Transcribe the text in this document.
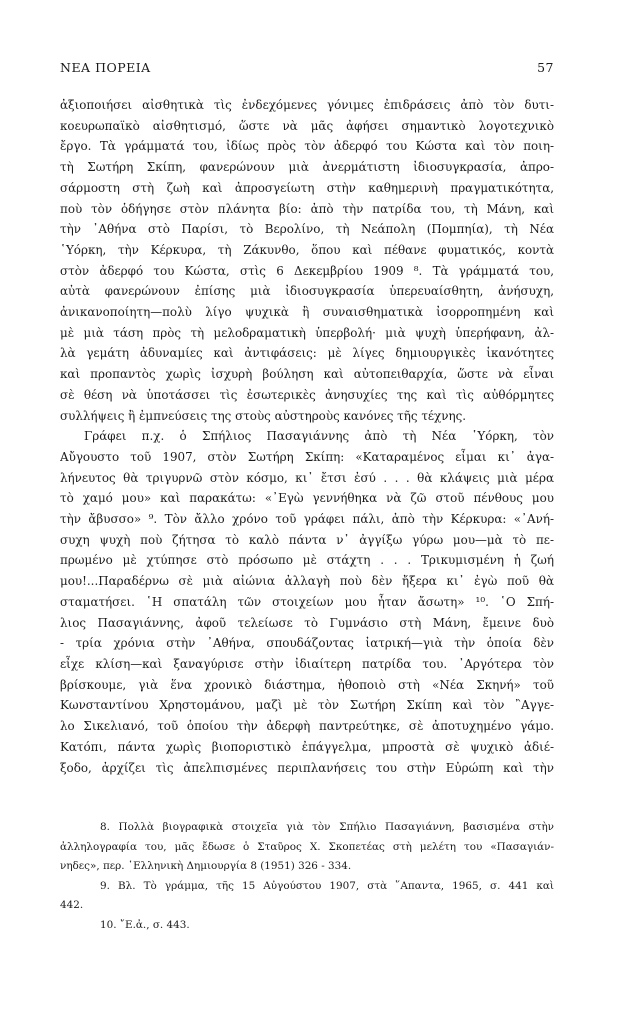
ΝΕΑ ΠΟΡΕΙΑ	57
ἀξιοποιήσει αἰσθητικὰ τὶς ἐνδεχόμενες γόνιμες ἐπιδράσεις ἀπὸ τὸν δυτι-
κοευρωπαϊκὸ αἰσθητισμό, ὥστε νὰ μᾶς ἀφήσει σημαντικὸ λογοτεχνικὸ
ἔργο. Τὰ γράμματά του, ἰδίως πρὸς τὸν ἀδερφό του Κώστα καὶ τὸν ποιη-
τὴ Σωτήρη Σκίπη, φανερώνουν μιὰ ἀνερμάτιστη ἰδιοσυγκρασία, ἀπρο-
σάρμοστη στὴ ζωὴ καὶ ἀπροσγείωτη στὴν καθημερινὴ πραγματικότητα,
ποὺ τὸν ὁδήγησε στὸν πλάνητα βίο: ἀπὸ τὴν πατρίδα του, τὴ Μάνη, καὶ
τὴν ᾿Αθήνα στὸ Παρίσι, τὸ Βερολίνο, τὴ Νεάπολη (Πομπηία), τὴ Νέα
῾Υόρκη, τὴν Κέρκυρα, τὴ Ζάκυνθο, ὅπου καὶ πέθανε φυματικός, κοντὰ
στὸν ἀδερφό του Κώστα, στὶς 6 Δεκεμβρίου 1909 ⁸. Τὰ γράμματά του,
αὐτὰ φανερώνουν ἐπίσης μιὰ ἰδιοσυγκρασία ὑπερευαίσθητη, ἀνήσυχη,
ἀνικανοποίητη—πολὺ λίγο ψυχικὰ ἢ συναισθηματικὰ ἰσορροπημένη καὶ
μὲ μιὰ τάση πρὸς τὴ μελοδραματικὴ ὑπερβολή· μιὰ ψυχὴ ὑπερήφανη, ἀλ-
λὰ γεμάτη ἀδυναμίες καὶ ἀντιφάσεις: μὲ λίγες δημιουργικὲς ἱκανότητες
καὶ προπαντὸς χωρὶς ἰσχυρὴ βούληση καὶ αὐτοπειθαρχία, ὥστε νὰ εἶναι
σὲ θέση νὰ ὑποτάσσει τὶς ἐσωτερικὲς ἀνησυχίες της καὶ τὶς αὐθόρμητες
συλλήψεις ἢ ἐμπνεύσεις της στοὺς αὐστηροὺς κανόνες τῆς τέχνης.
Γράφει π.χ. ὁ Σπήλιος Πασαγιάννης ἀπὸ τὴ Νέα ῾Υόρκη, τὸν
Αὔγουστο τοῦ 1907, στὸν Σωτήρη Σκίπη: «Καταραμένος εἶμαι κι᾿ ἀγα-
λήνευτος θὰ τριγυρνῶ στὸν κόσμο, κι᾿ ἔτσι ἐσύ . . . θὰ κλάψεις μιὰ μέρα
τὸ χαμό μου» καὶ παρακάτω: «᾿Εγὼ γεννήθηκα νὰ ζῶ στοῦ πένθους μου
τὴν ἄβυσσο» ⁹. Τὸν ἄλλο χρόνο τοῦ γράφει πάλι, ἀπὸ τὴν Κέρκυρα: «᾿Ανή-
συχη ψυχὴ ποὺ ζήτησα τὸ καλὸ πάντα ν᾿ ἀγγίξω γύρω μου—μὰ τὸ πε-
πρωμένο μὲ χτύπησε στὸ πρόσωπο μὲ στάχτη . . . Τρικυμισμένη ἡ ζωή
μου!...Παραδέρνω σὲ μιὰ αἰώνια ἀλλαγὴ ποὺ δὲν ἤξερα κι᾿ ἐγὼ ποῦ θὰ
σταματήσει. ῾Η σπατάλη τῶν στοιχείων μου ἦταν ἄσωτη» ¹⁰. ῾Ο Σπή-
λιος Πασαγιάννης, ἀφοῦ τελείωσε τὸ Γυμνάσιο στὴ Μάνη, ἔμεινε δυὸ
- τρία χρόνια στὴν ᾿Αθήνα, σπουδάζοντας ἰατρική—γιὰ τὴν ὁποία δὲν
εἶχε κλίση—καὶ ξαναγύρισε στὴν ἰδιαίτερη πατρίδα του. ᾿Αργότερα τὸν
βρίσκουμε, γιὰ ἕνα χρονικὸ διάστημα, ἠθοποιὸ στὴ «Νέα Σκηνή» τοῦ
Κωνσταντίνου Χρηστομάνου, μαζὶ μὲ τὸν Σωτήρη Σκίπη καὶ τὸν ῍Αγγε-
λο Σικελιανό, τοῦ ὁποίου τὴν ἀδερφὴ παντρεύτηκε, σὲ ἀποτυχημένο γάμο.
Κατόπι, πάντα χωρὶς βιοποριστικὸ ἐπάγγελμα, μπροστὰ σὲ ψυχικὸ ἀδιέ-
ξοδο, ἀρχίζει τὶς ἀπελπισμένες περιπλανήσεις του στὴν Εὐρώπη καὶ τὴν
8. Πολλὰ βιογραφικὰ στοιχεῖα γιὰ τὸν Σπήλιο Πασαγιάννη, βασισμένα στὴν
ἀλληλογραφία του, μᾶς ἔδωσε ὁ Σταῦρος Χ. Σκοπετέας στὴ μελέτη του «Πασαγιάν-
νηδες», περ. ῾Ελληνικὴ Δημιουργία 8 (1951) 326 - 334.
9. Βλ. Τὸ γράμμα, τῆς 15 Αὐγούστου 1907, στὰ ῞Απαντα, 1965, σ. 441 καὶ
442.
10. ῎Ε.ἀ., σ. 443.
